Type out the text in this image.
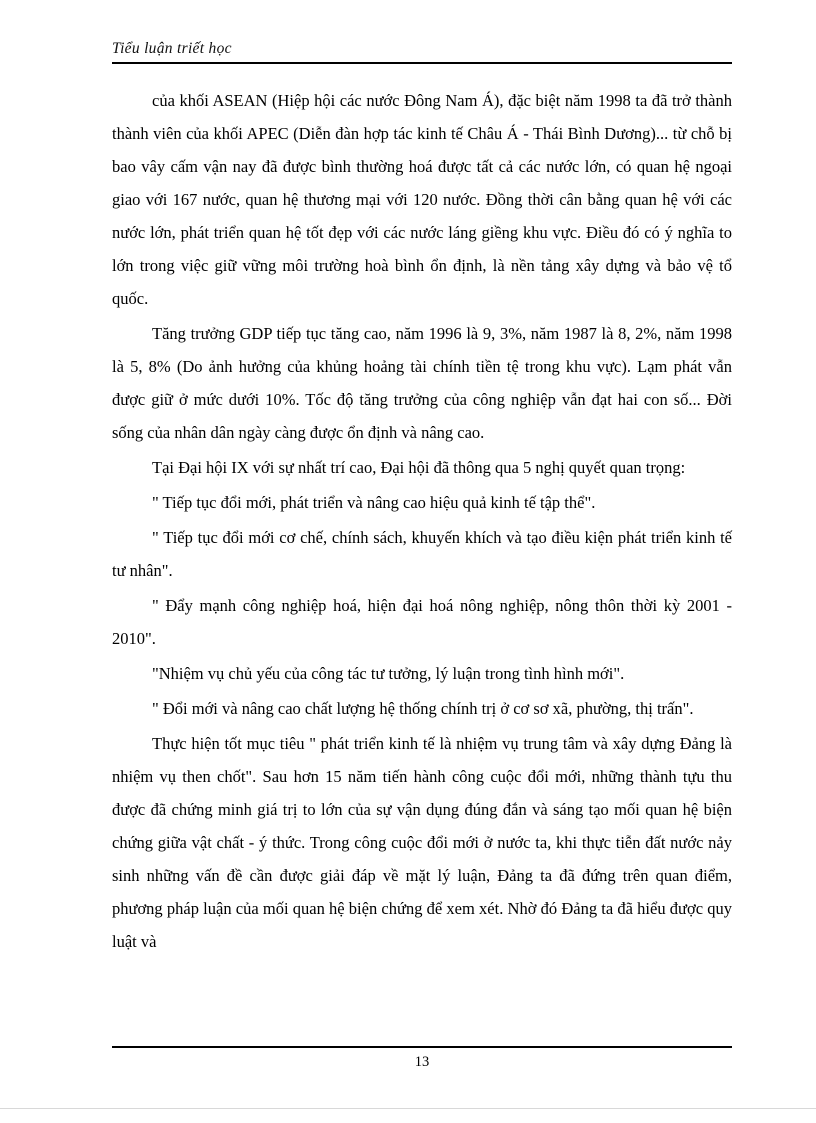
Tiểu luận triết học

của khối ASEAN (Hiệp hội các nước Đông Nam Á), đặc biệt năm 1998 ta đã trở thành thành viên của khối APEC (Diễn đàn hợp tác kinh tế Châu Á - Thái Bình Dương)... từ chỗ bị bao vây cấm vận nay đã được bình thường hoá được tất cả các nước lớn, có quan hệ ngoại giao với 167 nước, quan hệ thương mại với 120 nước. Đồng thời cân bằng quan hệ với các nước lớn, phát triển quan hệ tốt đẹp với các nước láng giềng khu vực. Điều đó có ý nghĩa to lớn trong việc giữ vững môi trường hoà bình ổn định, là nền tảng xây dựng và bảo vệ tổ quốc.

Tăng trưởng GDP tiếp tục tăng cao, năm 1996 là 9, 3%, năm 1987 là 8, 2%, năm 1998 là 5, 8% (Do ảnh hưởng của khủng hoảng tài chính tiền tệ trong khu vực). Lạm phát vẫn được giữ ở mức dưới 10%. Tốc độ tăng trưởng của công nghiệp vẫn đạt hai con số... Đời sống của nhân dân ngày càng được ổn định và nâng cao.

Tại Đại hội IX với sự nhất trí cao, Đại hội đã thông qua 5 nghị quyết quan trọng:

" Tiếp tục đổi mới, phát triển và nâng cao hiệu quả kinh tế tập thể".

" Tiếp tục đổi mới cơ chế, chính sách, khuyến khích và tạo điều kiện phát triển kinh tế tư nhân".

" Đẩy mạnh công nghiệp hoá, hiện đại hoá nông nghiệp, nông thôn thời kỳ 2001 - 2010".

"Nhiệm vụ chủ yếu của công tác tư tưởng, lý luận trong tình hình mới".

" Đổi mới và nâng cao chất lượng hệ thống chính trị ở cơ sơ xã, phường, thị trấn".

Thực hiện tốt mục tiêu " phát triển kinh tế là nhiệm vụ trung tâm và xây dựng Đảng là nhiệm vụ then chốt". Sau hơn 15 năm tiến hành công cuộc đổi mới, những thành tựu thu được đã chứng minh giá trị to lớn của sự vận dụng đúng đắn và sáng tạo mối quan hệ biện chứng giữa vật chất - ý thức. Trong công cuộc đổi mới ở nước ta, khi thực tiễn đất nước nảy sinh những vấn đề cần được giải đáp về mặt lý luận, Đảng ta đã đứng trên quan điểm, phương pháp luận của mối quan hệ biện chứng để xem xét. Nhờ đó Đảng ta đã hiểu được quy luật và

13
